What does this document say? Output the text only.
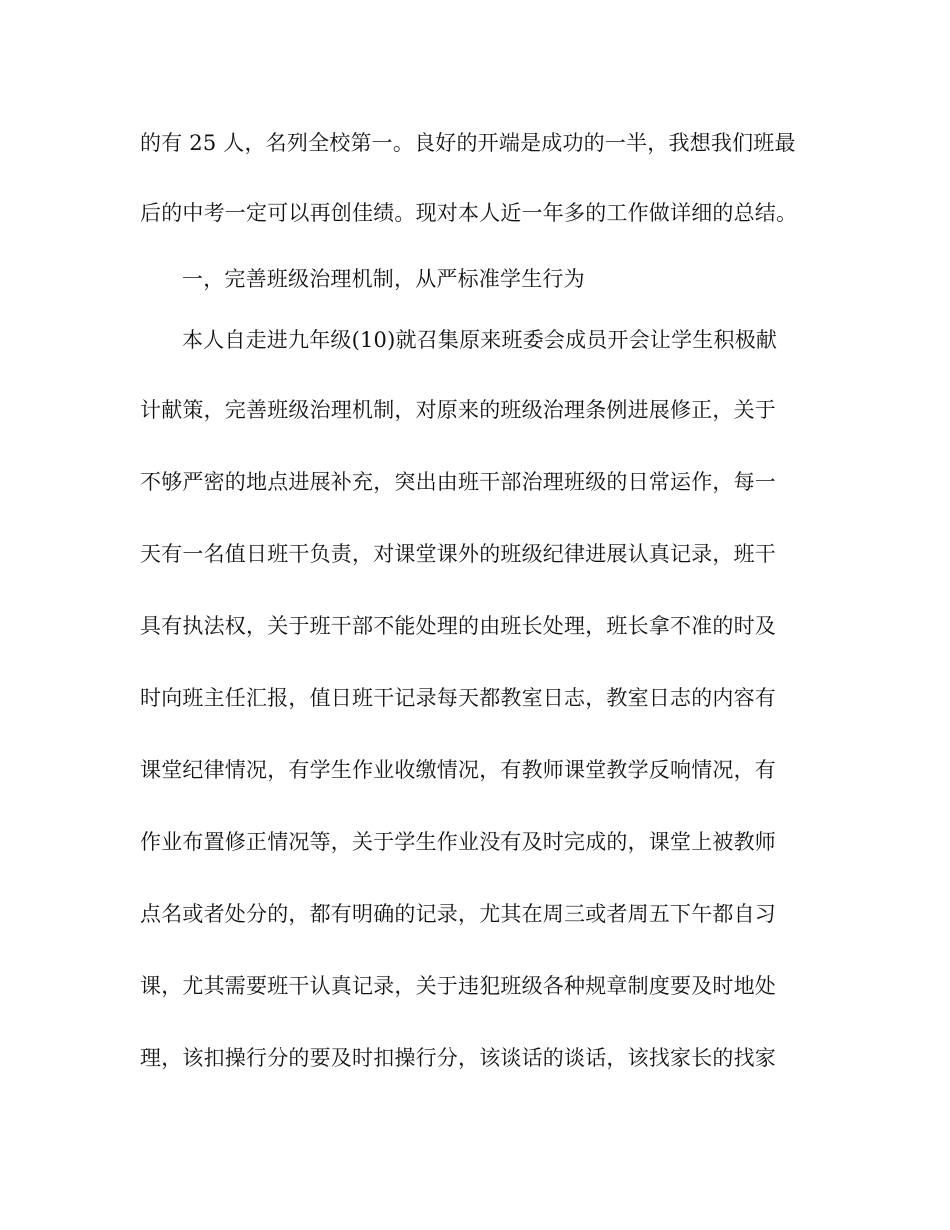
的有 25 人，名列全校第一。良好的开端是成功的一半，我想我们班最
后的中考一定可以再创佳绩。现对本人近一年多的工作做详细的总结。
一，完善班级治理机制，从严标准学生行为
本人自走进九年级(10)就召集原来班委会成员开会让学生积极献
计献策，完善班级治理机制，对原来的班级治理条例进展修正，关于
不够严密的地点进展补充，突出由班干部治理班级的日常运作，每一
天有一名值日班干负责，对课堂课外的班级纪律进展认真记录，班干
具有执法权，关于班干部不能处理的由班长处理，班长拿不准的时及
时向班主任汇报，值日班干记录每天都教室日志，教室日志的内容有
课堂纪律情况，有学生作业收缴情况，有教师课堂教学反响情况，有
作业布置修正情况等，关于学生作业没有及时完成的，课堂上被教师
点名或者处分的，都有明确的记录，尤其在周三或者周五下午都自习
课，尤其需要班干认真记录，关于违犯班级各种规章制度要及时地处
理，该扣操行分的要及时扣操行分，该谈话的谈话，该找家长的找家
